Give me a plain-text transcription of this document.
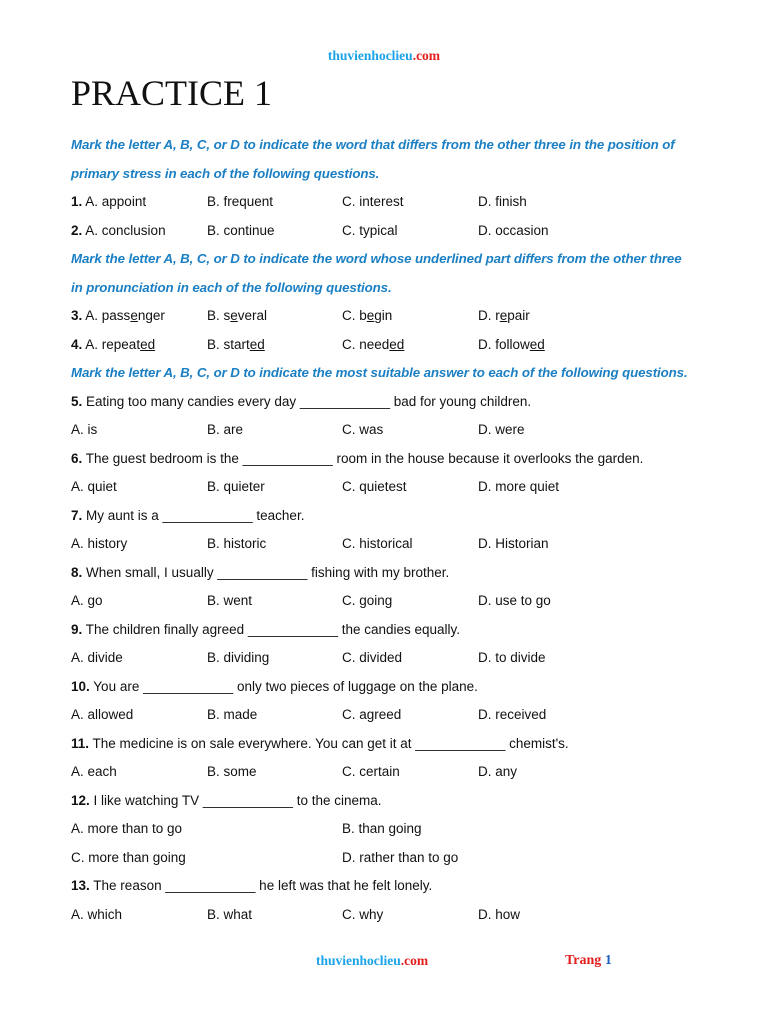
thuvienhoclieu.com
PRACTICE 1
Mark the letter A, B, C, or D to indicate the word that differs from the other three in the position of
primary stress in each of the following questions.
1. A. appoint	B. frequent	C. interest	D. finish
2. A. conclusion	B. continue	C. typical	D. occasion
Mark the letter A, B, C, or D to indicate the word whose underlined part differs from the other three
in pronunciation in each of the following questions.
3. A. passenger	B. several	C. begin	D. repair
4. A. repeated	B. started	C. needed	D. followed
Mark the letter A, B, C, or D to indicate the most suitable answer to each of the following questions.
5. Eating too many candies every day ____________ bad for young children.
A. is	B. are	C. was	D. were
6. The guest bedroom is the ____________ room in the house because it overlooks the garden.
A. quiet	B. quieter	C. quietest	D. more quiet
7. My aunt is a ____________ teacher.
A. history	B. historic	C. historical	D. Historian
8. When small, I usually ____________ fishing with my brother.
A. go	B. went	C. going	D. use to go
9. The children finally agreed ____________ the candies equally.
A. divide	B. dividing	C. divided	D. to divide
10. You are ____________ only two pieces of luggage on the plane.
A. allowed	B. made	C. agreed	D. received
11. The medicine is on sale everywhere. You can get it at ____________ chemist's.
A. each	B. some	C. certain	D. any
12. I like watching TV ____________ to the cinema.
A. more than to go	B. than going
C. more than going	D. rather than to go
13. The reason ____________ he left was that he felt lonely.
A. which	B. what	C. why	D. how
thuvienhoclieu.com	Trang 1
